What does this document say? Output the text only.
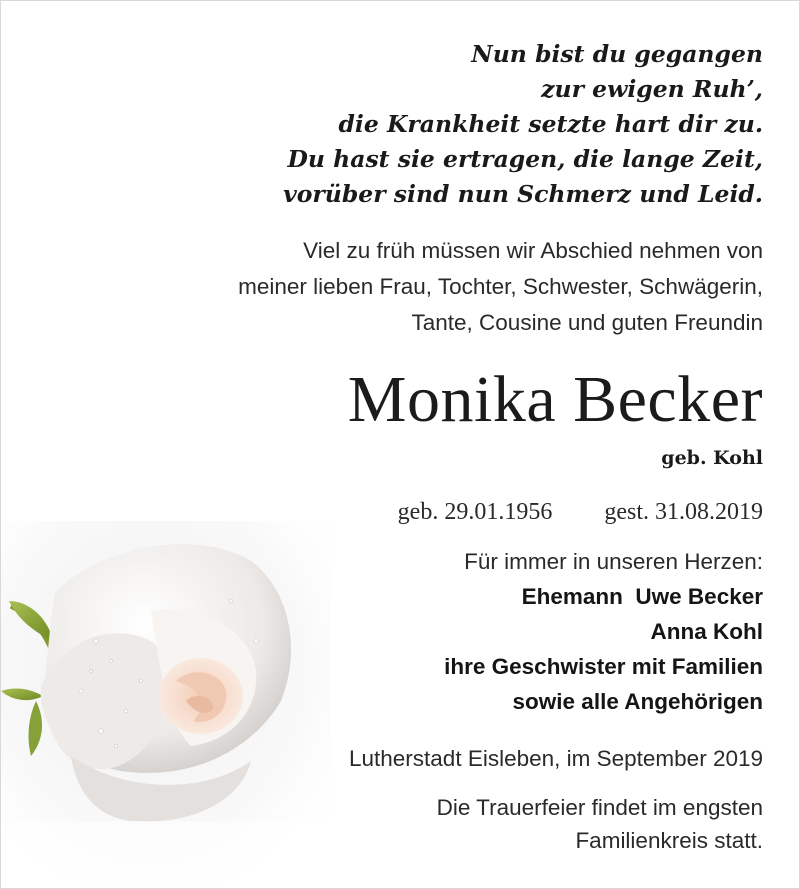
Nun bist du gegangen
zur ewigen Ruh’,
die Krankheit setzte hart dir zu.
Du hast sie ertragen, die lange Zeit,
vorüber sind nun Schmerz und Leid.
Viel zu früh müssen wir Abschied nehmen von
meiner lieben Frau, Tochter, Schwester, Schwägerin,
Tante, Cousine und guten Freundin
Monika Becker
geb. Kohl
geb. 29.01.1956 gest. 31.08.2019
Für immer in unseren Herzen:
Ehemann  Uwe Becker
Anna Kohl
ihre Geschwister mit Familien
sowie alle Angehörigen
Lutherstadt Eisleben, im September 2019
Die Trauerfeier findet im engsten
Familienkreis statt.
